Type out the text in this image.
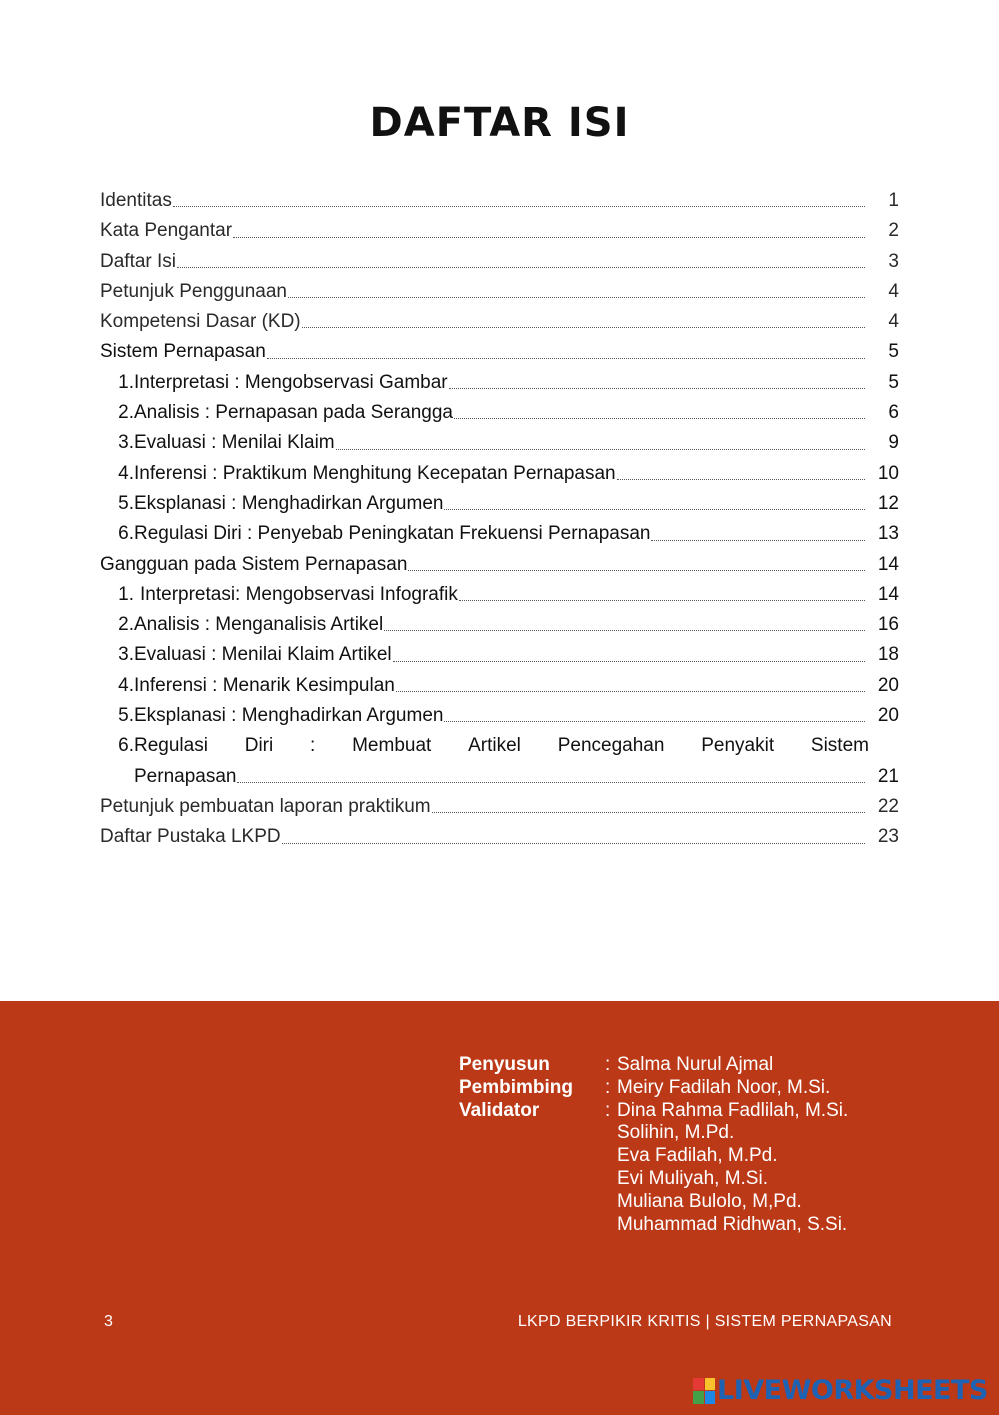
DAFTAR ISI
Identitas	1
Kata Pengantar	2
Daftar Isi	3
Petunjuk Penggunaan	4
Kompetensi Dasar (KD)	4
Sistem Pernapasan	5
1. Interpretasi : Mengobservasi Gambar	5
2. Analisis : Pernapasan pada Serangga	6
3. Evaluasi : Menilai Klaim	9
4. Inferensi : Praktikum Menghitung Kecepatan Pernapasan	10
5. Eksplanasi : Menghadirkan Argumen	12
6. Regulasi Diri : Penyebab Peningkatan Frekuensi Pernapasan	13
Gangguan pada Sistem Pernapasan	14
1. Interpretasi: Mengobservasi Infografik	14
2. Analisis : Menganalisis Artikel	16
3. Evaluasi : Menilai Klaim Artikel	18
4. Inferensi : Menarik Kesimpulan	20
5. Eksplanasi : Menghadirkan Argumen	20
6. Regulasi Diri : Membuat Artikel Pencegahan Penyakit Sistem
Pernapasan	21
Petunjuk pembuatan laporan praktikum	22
Daftar Pustaka LKPD	23
Penyusun	: Salma Nurul Ajmal
Pembimbing	: Meiry Fadilah Noor, M.Si.
Validator	: Dina Rahma Fadlilah, M.Si.
Solihin, M.Pd.
Eva Fadilah, M.Pd.
Evi Muliyah, M.Si.
Muliana Bulolo, M,Pd.
Muhammad Ridhwan, S.Si.
3	LKPD BERPIKIR KRITIS | SISTEM PERNAPASAN
LIVEWORKSHEETS
